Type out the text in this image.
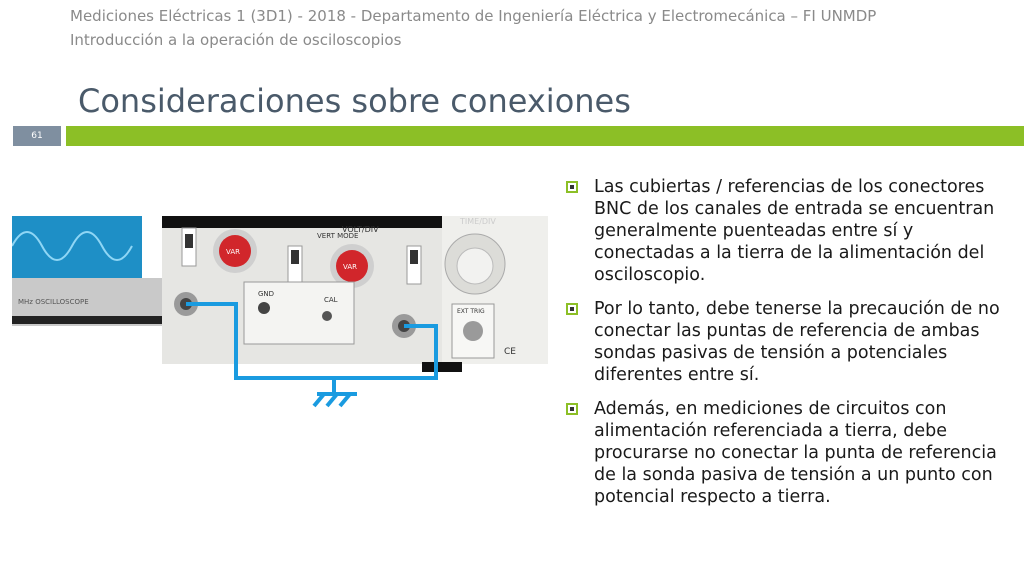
Mediciones Eléctricas 1 (3D1) - 2018 - Departamento de Ingeniería Eléctrica y Electromecánica – FI UNMDP
Introducción a la operación de osciloscopios
Consideraciones sobre conexiones
61
MHz OSCILLOSCOPE
VAR
VAR
VERT MODE
VOLT/DIV
TIME/DIV
GND
CAL
EXT TRIG
CE
Las cubiertas / referencias de los conectores BNC de los canales de entrada se encuentran generalmente puenteadas entre sí y conectadas a la tierra de la alimentación del osciloscopio.
Por lo tanto, debe tenerse la precaución de no conectar las puntas de referencia de ambas sondas pasivas de tensión a potenciales diferentes entre sí.
Además, en mediciones de circuitos con alimentación referenciada a tierra, debe procurarse no conectar la punta de referencia de la sonda pasiva de tensión a un punto con potencial respecto a tierra.
